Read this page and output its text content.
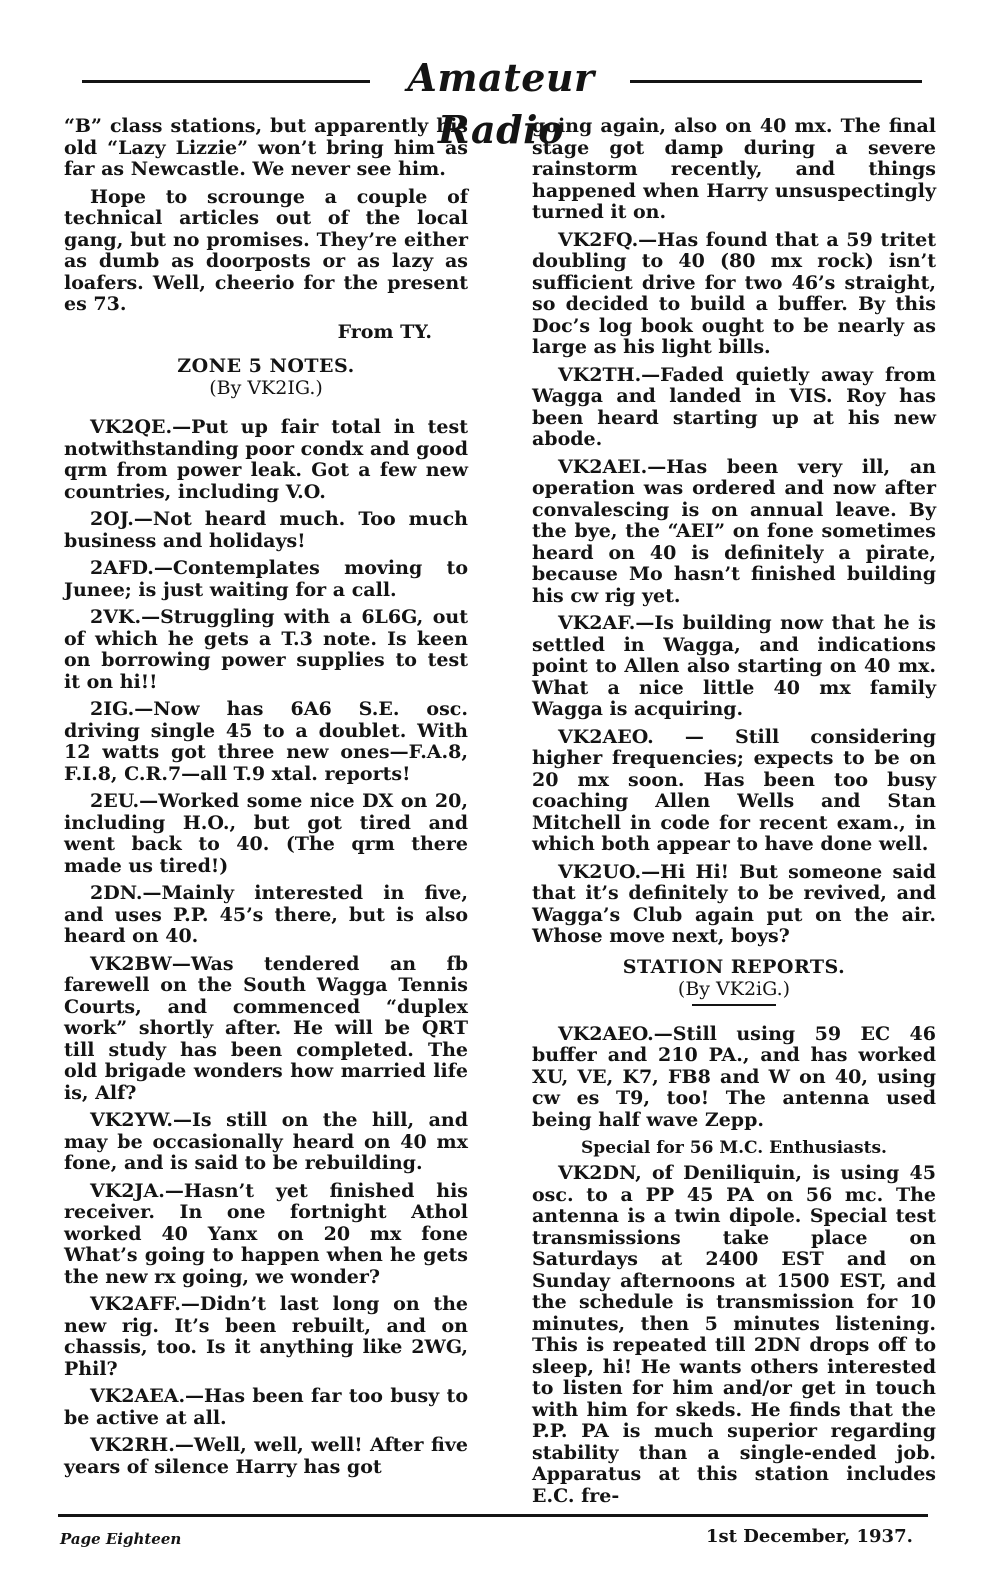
Amateur Radio

“B” class stations, but apparently his old “Lazy Lizzie” won’t bring him as far as Newcastle. We never see him.

Hope to scrounge a couple of technical articles out of the local gang, but no promises. They’re either as dumb as doorposts or as lazy as loafers. Well, cheerio for the present es 73.

From TY.

ZONE 5 NOTES.
(By VK2IG.)

VK2QE.—Put up fair total in test notwithstanding poor condx and good qrm from power leak. Got a few new countries, including V.O.

2OJ.—Not heard much. Too much business and holidays!

2AFD.—Contemplates moving to Junee; is just waiting for a call.

2VK.—Struggling with a 6L6G, out of which he gets a T.3 note. Is keen on borrowing power supplies to test it on hi!!

2IG.—Now has 6A6 S.E. osc. driving single 45 to a doublet. With 12 watts got three new ones—F.A.8, F.I.8, C.R.7—all T.9 xtal. reports!

2EU.—Worked some nice DX on 20, including H.O., but got tired and went back to 40. (The qrm there made us tired!)

2DN.—Mainly interested in five, and uses P.P. 45’s there, but is also heard on 40.

VK2BW—Was tendered an fb farewell on the South Wagga Tennis Courts, and commenced “duplex work” shortly after. He will be QRT till study has been completed. The old brigade wonders how married life is, Alf?

VK2YW.—Is still on the hill, and may be occasionally heard on 40 mx fone, and is said to be rebuilding.

VK2JA.—Hasn’t yet finished his receiver. In one fortnight Athol worked 40 Yanx on 20 mx fone What’s going to happen when he gets the new rx going, we wonder?

VK2AFF.—Didn’t last long on the new rig. It’s been rebuilt, and on chassis, too. Is it anything like 2WG, Phil?

VK2AEA.—Has been far too busy to be active at all.

VK2RH.—Well, well, well! After five years of silence Harry has got

going again, also on 40 mx. The final stage got damp during a severe rainstorm recently, and things happened when Harry unsuspectingly turned it on.

VK2FQ.—Has found that a 59 tritet doubling to 40 (80 mx rock) isn’t sufficient drive for two 46’s straight, so decided to build a buffer. By this Doc’s log book ought to be nearly as large as his light bills.

VK2TH.—Faded quietly away from Wagga and landed in VIS. Roy has been heard starting up at his new abode.

VK2AEI.—Has been very ill, an operation was ordered and now after convalescing is on annual leave. By the bye, the “AEI” on fone sometimes heard on 40 is definitely a pirate, because Mo hasn’t finished building his cw rig yet.

VK2AF.—Is building now that he is settled in Wagga, and indications point to Allen also starting on 40 mx. What a nice little 40 mx family Wagga is acquiring.

VK2AEO. — Still considering higher frequencies; expects to be on 20 mx soon. Has been too busy coaching Allen Wells and Stan Mitchell in code for recent exam., in which both appear to have done well.

VK2UO.—Hi Hi! But someone said that it’s definitely to be revived, and Wagga’s Club again put on the air. Whose move next, boys?

STATION REPORTS.
(By VK2iG.)

VK2AEO.—Still using 59 EC 46 buffer and 210 PA., and has worked XU, VE, K7, FB8 and W on 40, using cw es T9, too! The antenna used being half wave Zepp.

Special for 56 M.C. Enthusiasts.

VK2DN, of Deniliquin, is using 45 osc. to a PP 45 PA on 56 mc. The antenna is a twin dipole. Special test transmissions take place on Saturdays at 2400 EST and on Sunday afternoons at 1500 EST, and the schedule is transmission for 10 minutes, then 5 minutes listening. This is repeated till 2DN drops off to sleep, hi! He wants others interested to listen for him and/or get in touch with him for skeds. He finds that the P.P. PA is much superior regarding stability than a single-ended job. Apparatus at this station includes E.C. fre-

Page Eighteen	1st December, 1937.
